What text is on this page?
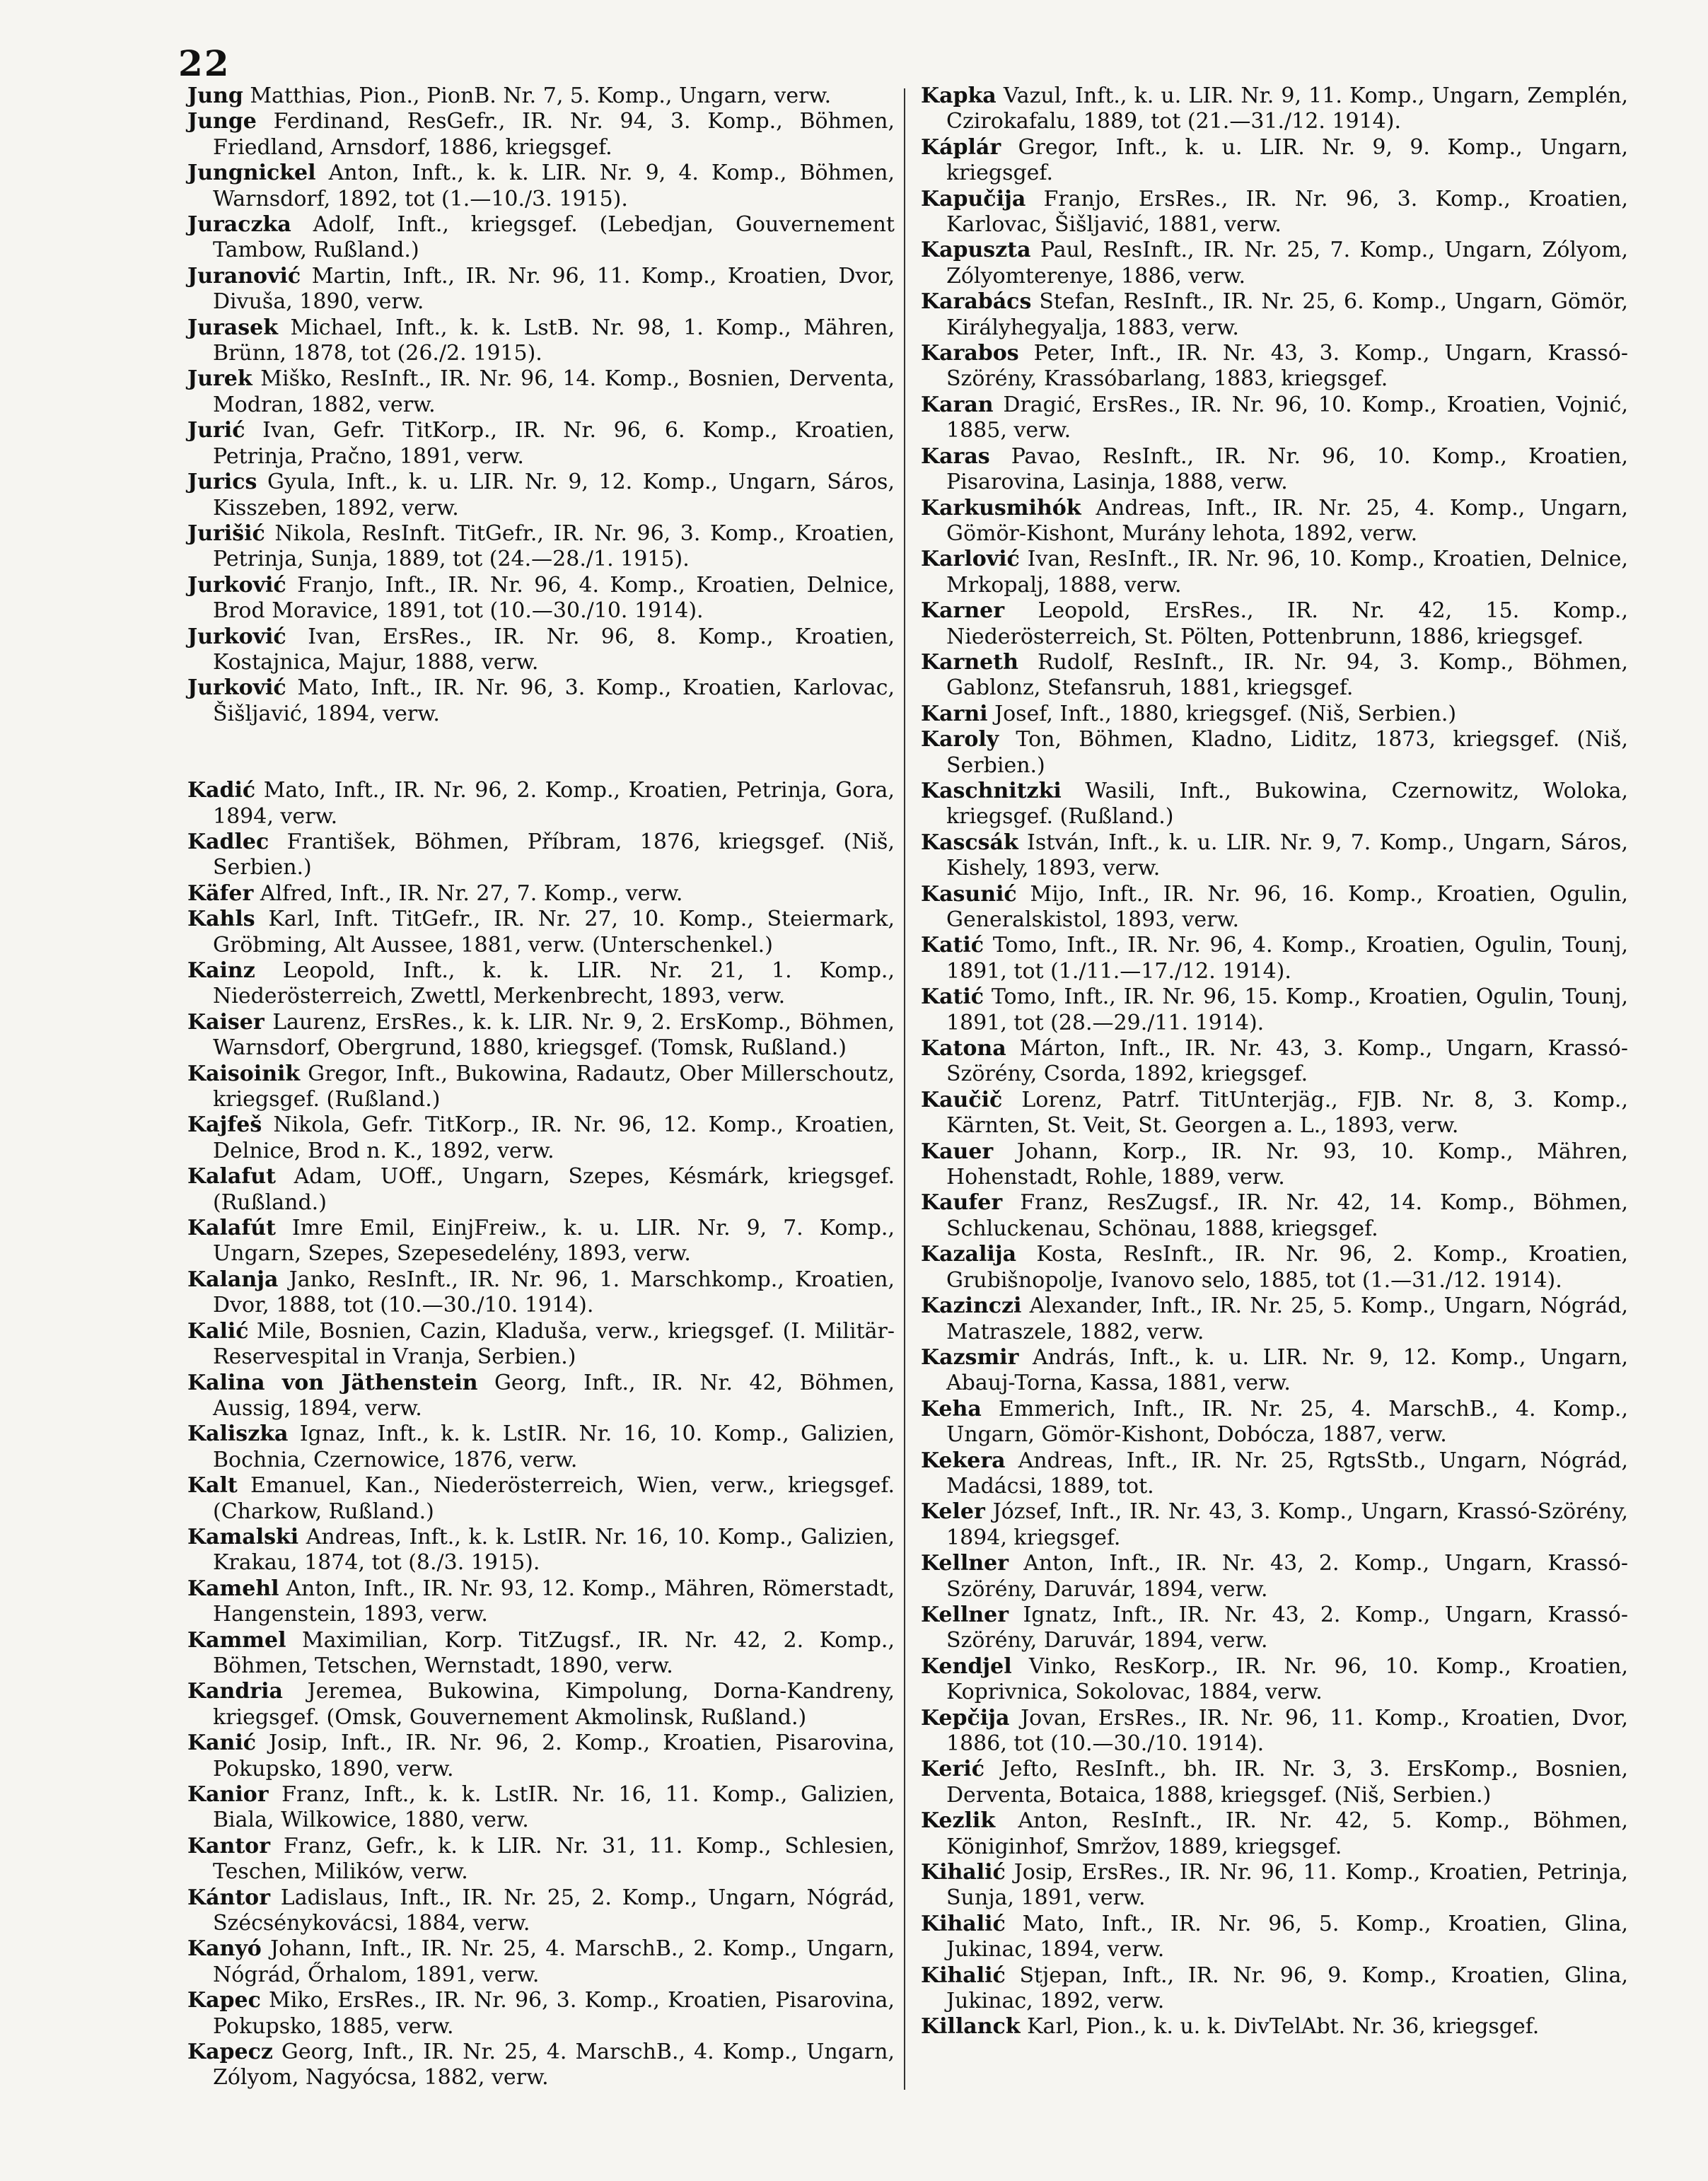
22

Jung Matthias, Pion., PionB. Nr. 7, 5. Komp., Ungarn, verw.

Junge Ferdinand, ResGefr., IR. Nr. 94, 3. Komp., Böhmen, Friedland, Arnsdorf, 1886, kriegsgef.

Jungnickel Anton, Inft., k. k. LIR. Nr. 9, 4. Komp., Böhmen, Warnsdorf, 1892, tot (1.—10./3. 1915).

Juraczka Adolf, Inft., kriegsgef. (Lebedjan, Gouvernement Tambow, Rußland.)

Juranović Martin, Inft., IR. Nr. 96, 11. Komp., Kroatien, Dvor, Divuša, 1890, verw.

Jurasek Michael, Inft., k. k. LstB. Nr. 98, 1. Komp., Mähren, Brünn, 1878, tot (26./2. 1915).

Jurek Miško, ResInft., IR. Nr. 96, 14. Komp., Bosnien, Derventa, Modran, 1882, verw.

Jurić Ivan, Gefr. TitKorp., IR. Nr. 96, 6. Komp., Kroatien, Petrinja, Pračno, 1891, verw.

Jurics Gyula, Inft., k. u. LIR. Nr. 9, 12. Komp., Ungarn, Sáros, Kisszeben, 1892, verw.

Jurišić Nikola, ResInft. TitGefr., IR. Nr. 96, 3. Komp., Kroatien, Petrinja, Sunja, 1889, tot (24.—28./1. 1915).

Jurković Franjo, Inft., IR. Nr. 96, 4. Komp., Kroatien, Delnice, Brod Moravice, 1891, tot (10.—30./10. 1914).

Jurković Ivan, ErsRes., IR. Nr. 96, 8. Komp., Kroatien, Kostajnica, Majur, 1888, verw.

Jurković Mato, Inft., IR. Nr. 96, 3. Komp., Kroatien, Karlovac, Šišljavić, 1894, verw.

Kadić Mato, Inft., IR. Nr. 96, 2. Komp., Kroatien, Petrinja, Gora, 1894, verw.

Kadlec František, Böhmen, Příbram, 1876, kriegsgef. (Niš, Serbien.)

Käfer Alfred, Inft., IR. Nr. 27, 7. Komp., verw.

Kahls Karl, Inft. TitGefr., IR. Nr. 27, 10. Komp., Steiermark, Gröbming, Alt Aussee, 1881, verw. (Unterschenkel.)

Kainz Leopold, Inft., k. k. LIR. Nr. 21, 1. Komp., Niederösterreich, Zwettl, Merkenbrecht, 1893, verw.

Kaiser Laurenz, ErsRes., k. k. LIR. Nr. 9, 2. ErsKomp., Böhmen, Warnsdorf, Obergrund, 1880, kriegsgef. (Tomsk, Rußland.)

Kaisoinik Gregor, Inft., Bukowina, Radautz, Ober Millerschoutz, kriegsgef. (Rußland.)

Kajfeš Nikola, Gefr. TitKorp., IR. Nr. 96, 12. Komp., Kroatien, Delnice, Brod n. K., 1892, verw.

Kalafut Adam, UOff., Ungarn, Szepes, Késmárk, kriegsgef. (Rußland.)

Kalafút Imre Emil, EinjFreiw., k. u. LIR. Nr. 9, 7. Komp., Ungarn, Szepes, Szepesedelény, 1893, verw.

Kalanja Janko, ResInft., IR. Nr. 96, 1. Marschkomp., Kroatien, Dvor, 1888, tot (10.—30./10. 1914).

Kalić Mile, Bosnien, Cazin, Kladuša, verw., kriegsgef. (I. Militär-Reservespital in Vranja, Serbien.)

Kalina von Jäthenstein Georg, Inft., IR. Nr. 42, Böhmen, Aussig, 1894, verw.

Kaliszka Ignaz, Inft., k. k. LstIR. Nr. 16, 10. Komp., Galizien, Bochnia, Czernowice, 1876, verw.

Kalt Emanuel, Kan., Niederösterreich, Wien, verw., kriegsgef. (Charkow, Rußland.)

Kamalski Andreas, Inft., k. k. LstIR. Nr. 16, 10. Komp., Galizien, Krakau, 1874, tot (8./3. 1915).

Kamehl Anton, Inft., IR. Nr. 93, 12. Komp., Mähren, Römerstadt, Hangenstein, 1893, verw.

Kammel Maximilian, Korp. TitZugsf., IR. Nr. 42, 2. Komp., Böhmen, Tetschen, Wernstadt, 1890, verw.

Kandria Jeremea, Bukowina, Kimpolung, Dorna-Kandreny, kriegsgef. (Omsk, Gouvernement Akmolinsk, Rußland.)

Kanić Josip, Inft., IR. Nr. 96, 2. Komp., Kroatien, Pisarovina, Pokupsko, 1890, verw.

Kanior Franz, Inft., k. k. LstIR. Nr. 16, 11. Komp., Galizien, Biala, Wilkowice, 1880, verw.

Kantor Franz, Gefr., k. k LIR. Nr. 31, 11. Komp., Schlesien, Teschen, Milików, verw.

Kántor Ladislaus, Inft., IR. Nr. 25, 2. Komp., Ungarn, Nógrád, Szécsénykovácsi, 1884, verw.

Kanyó Johann, Inft., IR. Nr. 25, 4. MarschB., 2. Komp., Ungarn, Nógrád, Őrhalom, 1891, verw.

Kapec Miko, ErsRes., IR. Nr. 96, 3. Komp., Kroatien, Pisarovina, Pokupsko, 1885, verw.

Kapecz Georg, Inft., IR. Nr. 25, 4. MarschB., 4. Komp., Ungarn, Zólyom, Nagyócsa, 1882, verw.

Kapka Vazul, Inft., k. u. LIR. Nr. 9, 11. Komp., Ungarn, Zemplén, Czirokafalu, 1889, tot (21.—31./12. 1914).

Káplár Gregor, Inft., k. u. LIR. Nr. 9, 9. Komp., Ungarn, kriegsgef.

Kapučija Franjo, ErsRes., IR. Nr. 96, 3. Komp., Kroatien, Karlovac, Šišljavić, 1881, verw.

Kapuszta Paul, ResInft., IR. Nr. 25, 7. Komp., Ungarn, Zólyom, Zólyomterenye, 1886, verw.

Karabács Stefan, ResInft., IR. Nr. 25, 6. Komp., Ungarn, Gömör, Királyhegyalja, 1883, verw.

Karabos Peter, Inft., IR. Nr. 43, 3. Komp., Ungarn, Krassó-Szörény, Krassóbarlang, 1883, kriegsgef.

Karan Dragić, ErsRes., IR. Nr. 96, 10. Komp., Kroatien, Vojnić, 1885, verw.

Karas Pavao, ResInft., IR. Nr. 96, 10. Komp., Kroatien, Pisarovina, Lasinja, 1888, verw.

Karkusmihók Andreas, Inft., IR. Nr. 25, 4. Komp., Ungarn, Gömör-Kishont, Murány lehota, 1892, verw.

Karlović Ivan, ResInft., IR. Nr. 96, 10. Komp., Kroatien, Delnice, Mrkopalj, 1888, verw.

Karner Leopold, ErsRes., IR. Nr. 42, 15. Komp., Niederösterreich, St. Pölten, Pottenbrunn, 1886, kriegsgef.

Karneth Rudolf, ResInft., IR. Nr. 94, 3. Komp., Böhmen, Gablonz, Stefansruh, 1881, kriegsgef.

Karni Josef, Inft., 1880, kriegsgef. (Niš, Serbien.)

Karoly Ton, Böhmen, Kladno, Liditz, 1873, kriegsgef. (Niš, Serbien.)

Kaschnitzki Wasili, Inft., Bukowina, Czernowitz, Woloka, kriegsgef. (Rußland.)

Kascsák István, Inft., k. u. LIR. Nr. 9, 7. Komp., Ungarn, Sáros, Kishely, 1893, verw.

Kasunić Mijo, Inft., IR. Nr. 96, 16. Komp., Kroatien, Ogulin, Generalskistol, 1893, verw.

Katić Tomo, Inft., IR. Nr. 96, 4. Komp., Kroatien, Ogulin, Tounj, 1891, tot (1./11.—17./12. 1914).

Katić Tomo, Inft., IR. Nr. 96, 15. Komp., Kroatien, Ogulin, Tounj, 1891, tot (28.—29./11. 1914).

Katona Márton, Inft., IR. Nr. 43, 3. Komp., Ungarn, Krassó-Szörény, Csorda, 1892, kriegsgef.

Kaučič Lorenz, Patrf. TitUnterjäg., FJB. Nr. 8, 3. Komp., Kärnten, St. Veit, St. Georgen a. L., 1893, verw.

Kauer Johann, Korp., IR. Nr. 93, 10. Komp., Mähren, Hohenstadt, Rohle, 1889, verw.

Kaufer Franz, ResZugsf., IR. Nr. 42, 14. Komp., Böhmen, Schluckenau, Schönau, 1888, kriegsgef.

Kazalija Kosta, ResInft., IR. Nr. 96, 2. Komp., Kroatien, Grubišnopolje, Ivanovo selo, 1885, tot (1.—31./12. 1914).

Kazinczi Alexander, Inft., IR. Nr. 25, 5. Komp., Ungarn, Nógrád, Matraszele, 1882, verw.

Kazsmir András, Inft., k. u. LIR. Nr. 9, 12. Komp., Ungarn, Abauj-Torna, Kassa, 1881, verw.

Keha Emmerich, Inft., IR. Nr. 25, 4. MarschB., 4. Komp., Ungarn, Gömör-Kishont, Dobócza, 1887, verw.

Kekera Andreas, Inft., IR. Nr. 25, RgtsStb., Ungarn, Nógrád, Madácsi, 1889, tot.

Keler József, Inft., IR. Nr. 43, 3. Komp., Ungarn, Krassó-Szörény, 1894, kriegsgef.

Kellner Anton, Inft., IR. Nr. 43, 2. Komp., Ungarn, Krassó-Szörény, Daruvár, 1894, verw.

Kellner Ignatz, Inft., IR. Nr. 43, 2. Komp., Ungarn, Krassó-Szörény, Daruvár, 1894, verw.

Kendjel Vinko, ResKorp., IR. Nr. 96, 10. Komp., Kroatien, Koprivnica, Sokolovac, 1884, verw.

Kepčija Jovan, ErsRes., IR. Nr. 96, 11. Komp., Kroatien, Dvor, 1886, tot (10.—30./10. 1914).

Kerić Jefto, ResInft., bh. IR. Nr. 3, 3. ErsKomp., Bosnien, Derventa, Botaica, 1888, kriegsgef. (Niš, Serbien.)

Kezlik Anton, ResInft., IR. Nr. 42, 5. Komp., Böhmen, Königinhof, Smržov, 1889, kriegsgef.

Kihalić Josip, ErsRes., IR. Nr. 96, 11. Komp., Kroatien, Petrinja, Sunja, 1891, verw.

Kihalić Mato, Inft., IR. Nr. 96, 5. Komp., Kroatien, Glina, Jukinac, 1894, verw.

Kihalić Stjepan, Inft., IR. Nr. 96, 9. Komp., Kroatien, Glina, Jukinac, 1892, verw.

Killanck Karl, Pion., k. u. k. DivTelAbt. Nr. 36, kriegsgef.
